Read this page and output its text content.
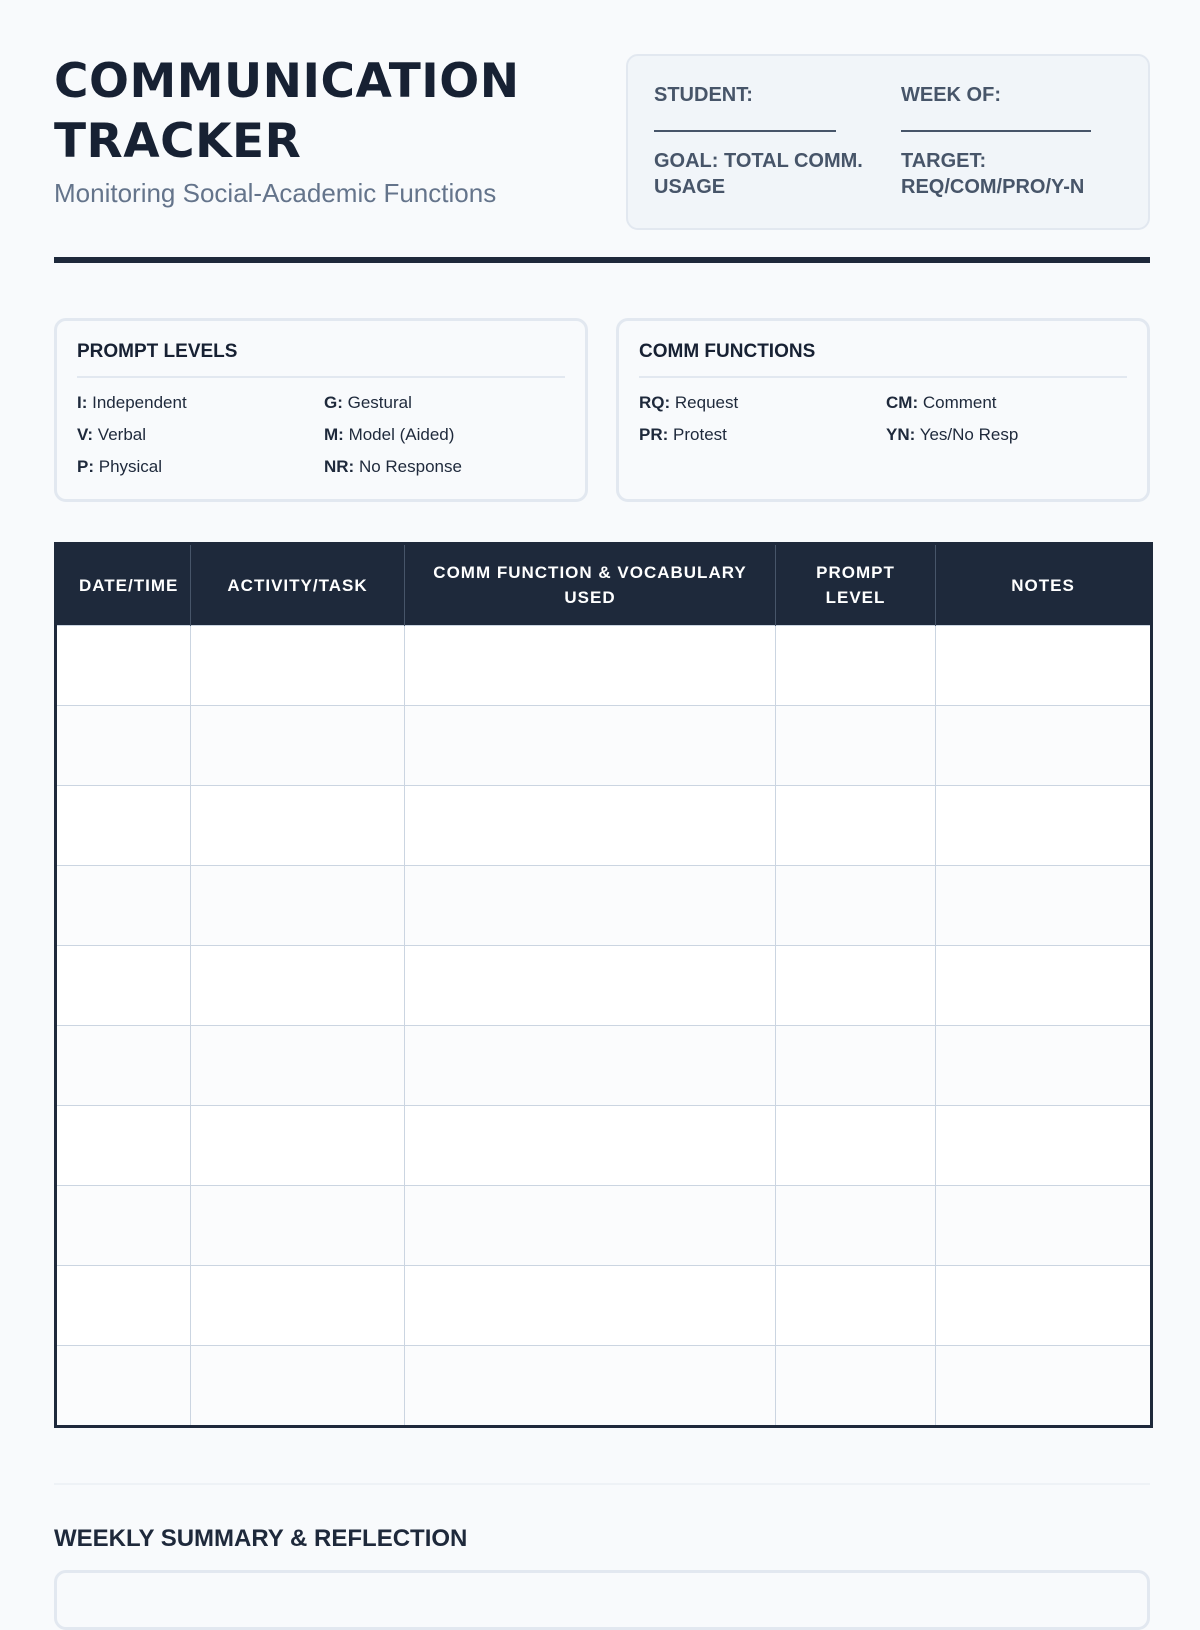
COMMUNICATION
TRACKER

Monitoring Social-Academic Functions

STUDENT:	WEEK OF:
GOAL: TOTAL COMM.
USAGE
TARGET:
REQ/COM/PRO/Y-N
PROMPT LEVELS
I: Independent	G: Gestural
V: Verbal	M: Model (Aided)
P: Physical	NR: No Response
COMM FUNCTIONS
RQ: Request	CM: Comment
PR: Protest	YN: Yes/No Resp
DATE/TIME	ACTIVITY/TASK	COMM FUNCTION & VOCABULARY USED	PROMPT LEVEL	NOTES

WEEKLY SUMMARY & REFLECTION
